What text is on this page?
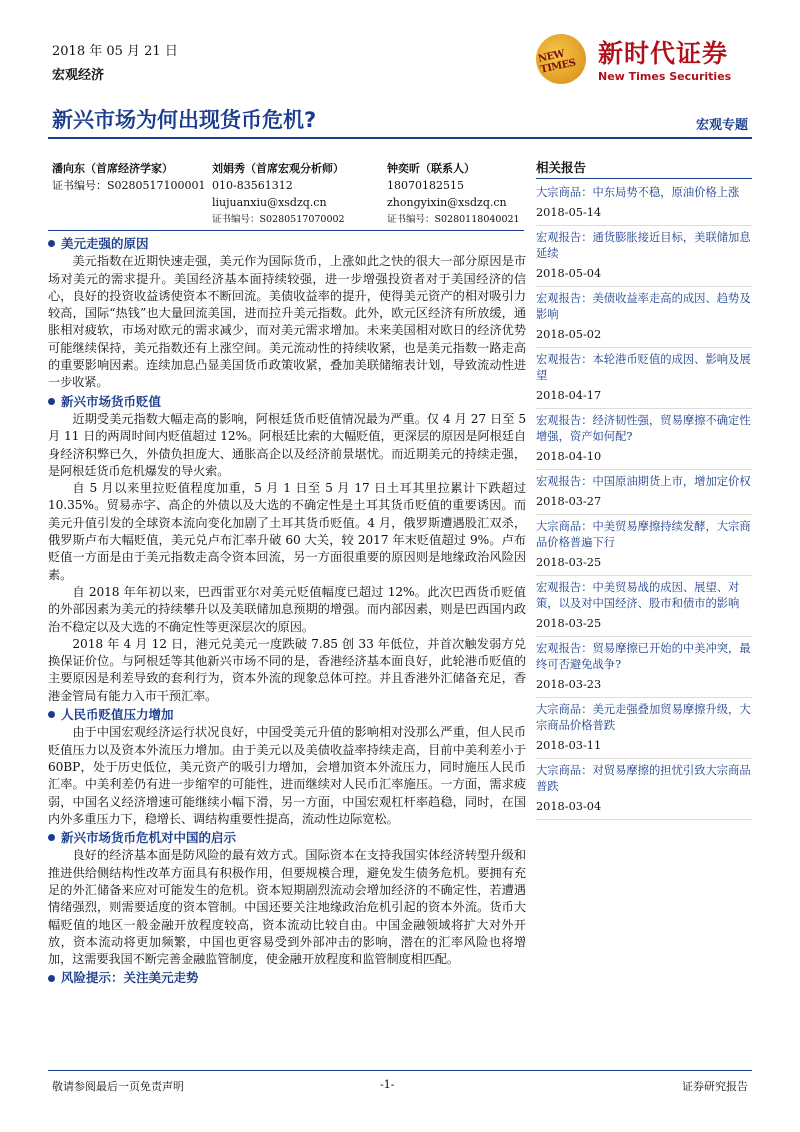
2018 年 05 月 21 日
宏观经济
NEW TIMES 新时代证券
New Times Securities
新兴市场为何出现货币危机?	宏观专题
潘向东（首席经济学家）
证书编号：S0280517100001
刘娟秀（首席宏观分析师）
010-83561312
liujuanxiu@xsdzq.cn
证书编号：S0280517070002
钟奕昕（联系人）
18070182515
zhongyixin@xsdzq.cn
证书编号：S0280118040021
美元走强的原因

美元指数在近期快速走强，美元作为国际货币，上涨如此之快的很大一部分原因是市场对美元的需求提升。美国经济基本面持续较强，进一步增强投资者对于美国经济的信心，良好的投资收益诱使资本不断回流。美债收益率的提升，使得美元资产的相对吸引力较高，国际“热钱”也大量回流美国，进而拉升美元指数。此外，欧元区经济有所放缓，通胀相对疲软，市场对欧元的需求减少，而对美元需求增加。未来美国相对欧日的经济优势可能继续保持，美元指数还有上涨空间。美元流动性的持续收紧，也是美元指数一路走高的重要影响因素。连续加息凸显美国货币政策收紧，叠加美联储缩表计划，导致流动性进一步收紧。

新兴市场货币贬值

近期受美元指数大幅走高的影响，阿根廷货币贬值情况最为严重。仅 4 月 27 日至 5 月 11 日的两周时间内贬值超过 12%。阿根廷比索的大幅贬值，更深层的原因是阿根廷自身经济积弊已久，外债负担庞大、通胀高企以及经济前景堪忧。而近期美元的持续走强，是阿根廷货币危机爆发的导火索。

自 5 月以来里拉贬值程度加重，5 月 1 日至 5 月 17 日土耳其里拉累计下跌超过 10.35%。贸易赤字、高企的外债以及大选的不确定性是土耳其货币贬值的重要诱因。而美元升值引发的全球资本流向变化加剧了土耳其货币贬值。4 月，俄罗斯遭遇股汇双杀，俄罗斯卢布大幅贬值，美元兑卢布汇率升破 60 大关，较 2017 年末贬值超过 9%。卢布贬值一方面是由于美元指数走高令资本回流，另一方面很重要的原因则是地缘政治风险因素。

自 2018 年年初以来，巴西雷亚尔对美元贬值幅度已超过 12%。此次巴西货币贬值的外部因素为美元的持续攀升以及美联储加息预期的增强。而内部因素，则是巴西国内政治不稳定以及大选的不确定性等更深层次的原因。

2018 年 4 月 12 日，港元兑美元一度跌破 7.85 创 33 年低位，并首次触发弱方兑换保证价位。与阿根廷等其他新兴市场不同的是，香港经济基本面良好，此轮港币贬值的主要原因是利差导致的套利行为，资本外流的现象总体可控。并且香港外汇储备充足，香港金管局有能力入市干预汇率。

人民币贬值压力增加

由于中国宏观经济运行状况良好，中国受美元升值的影响相对没那么严重，但人民币贬值压力以及资本外流压力增加。由于美元以及美债收益率持续走高，目前中美利差小于 60BP，处于历史低位，美元资产的吸引力增加，会增加资本外流压力，同时施压人民币汇率。中美利差仍有进一步缩窄的可能性，进而继续对人民币汇率施压。一方面，需求疲弱，中国名义经济增速可能继续小幅下滑，另一方面，中国宏观杠杆率趋稳，同时，在国内外多重压力下，稳增长、调结构重要性提高，流动性边际宽松。

新兴市场货币危机对中国的启示

良好的经济基本面是防风险的最有效方式。国际资本在支持我国实体经济转型升级和推进供给侧结构性改革方面具有积极作用，但要规模合理，避免发生债务危机。要拥有充足的外汇储备来应对可能发生的危机。资本短期剧烈流动会增加经济的不确定性，若遭遇情绪强烈，则需要适度的资本管制。中国还要关注地缘政治危机引起的资本外流。货币大幅贬值的地区一般金融开放程度较高，资本流动比较自由。中国金融领域将扩大对外开放，资本流动将更加频繁，中国也更容易受到外部冲击的影响，潜在的汇率风险也将增加，这需要我国不断完善金融监管制度，使金融开放程度和监管制度相匹配。

风险提示：关注美元走势
相关报告
大宗商品：中东局势不稳，原油价格上涨
2018-05-14
宏观报告：通货膨胀接近目标，美联储加息延续
2018-05-04
宏观报告：美债收益率走高的成因、趋势及影响
2018-05-02
宏观报告：本轮港币贬值的成因、影响及展望
2018-04-17
宏观报告：经济韧性强，贸易摩擦不确定性增强，资产如何配?
2018-04-10
宏观报告：中国原油期货上市，增加定价权
2018-03-27
大宗商品：中美贸易摩擦持续发酵，大宗商品价格普遍下行
2018-03-25
宏观报告：中美贸易战的成因、展望、对策，以及对中国经济、股市和债市的影响
2018-03-25
宏观报告：贸易摩擦已开始的中美冲突，最终可否避免战争?
2018-03-23
大宗商品：美元走强叠加贸易摩擦升级，大宗商品价格普跌
2018-03-11
大宗商品：对贸易摩擦的担忧引致大宗商品普跌
2018-03-04
敬请参阅最后一页免责声明	-1-	证券研究报告
